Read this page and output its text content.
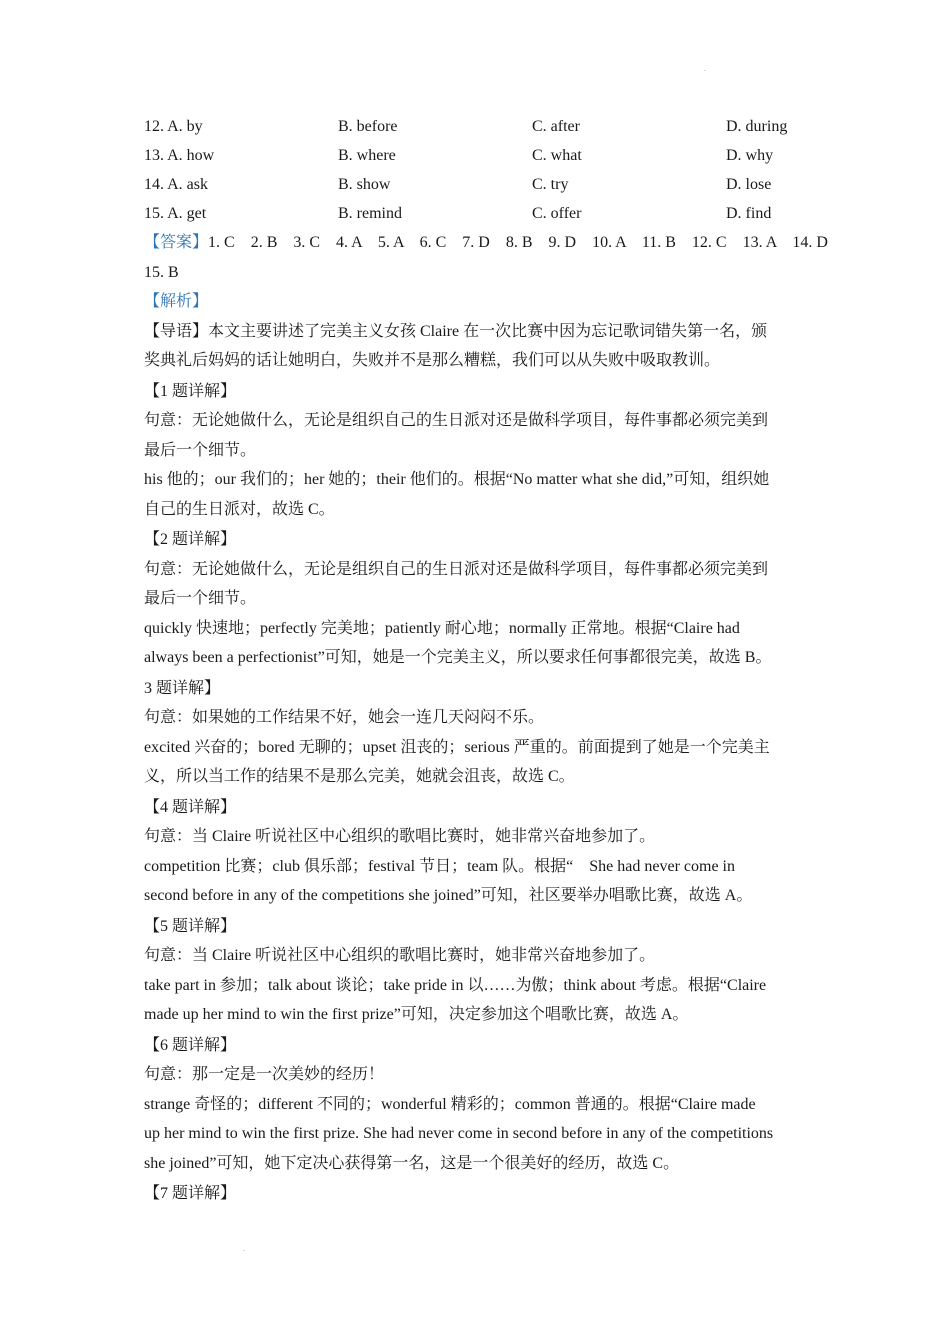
.
.
12. A. by	B. before	C. after	D. during
13. A. how	B. where	C. what	D. why
14. A. ask	B. show	C. try	D. lose
15. A. get	B. remind	C. offer	D. find
【答案】1. C　2. B　3. C　4. A　5. A　6. C　7. D　8. B　9. D　10. A　11. B　12. C　13. A　14. D
15. B
【解析】
【导语】本文主要讲述了完美主义女孩 Claire 在一次比赛中因为忘记歌词错失第一名，颁
奖典礼后妈妈的话让她明白，失败并不是那么糟糕，我们可以从失败中吸取教训。
【1 题详解】
句意：无论她做什么，无论是组织自己的生日派对还是做科学项目，每件事都必须完美到
最后一个细节。
his 他的；our 我们的；her 她的；their 他们的。根据“No matter what she did,”可知，组织她
自己的生日派对，故选 C。
【2 题详解】
句意：无论她做什么，无论是组织自己的生日派对还是做科学项目，每件事都必须完美到
最后一个细节。
quickly 快速地；perfectly 完美地；patiently 耐心地；normally 正常地。根据“Claire had
always been a perfectionist”可知，她是一个完美主义，所以要求任何事都很完美，故选 B。
3 题详解】
句意：如果她的工作结果不好，她会一连几天闷闷不乐。
excited 兴奋的；bored 无聊的；upset 沮丧的；serious 严重的。前面提到了她是一个完美主
义，所以当工作的结果不是那么完美，她就会沮丧，故选 C。
【4 题详解】
句意：当 Claire 听说社区中心组织的歌唱比赛时，她非常兴奋地参加了。
competition 比赛；club 俱乐部；festival 节日；team 队。根据“　She had never come in
second before in any of the competitions she joined”可知，社区要举办唱歌比赛，故选 A。
【5 题详解】
句意：当 Claire 听说社区中心组织的歌唱比赛时，她非常兴奋地参加了。
take part in 参加；talk about 谈论；take pride in 以……为傲；think about 考虑。根据“Claire
made up her mind to win the first prize”可知，决定参加这个唱歌比赛，故选 A。
【6 题详解】
句意：那一定是一次美妙的经历！
strange 奇怪的；different 不同的；wonderful 精彩的；common 普通的。根据“Claire made
up her mind to win the first prize. She had never come in second before in any of the competitions
she joined”可知，她下定决心获得第一名，这是一个很美好的经历，故选 C。
【7 题详解】
